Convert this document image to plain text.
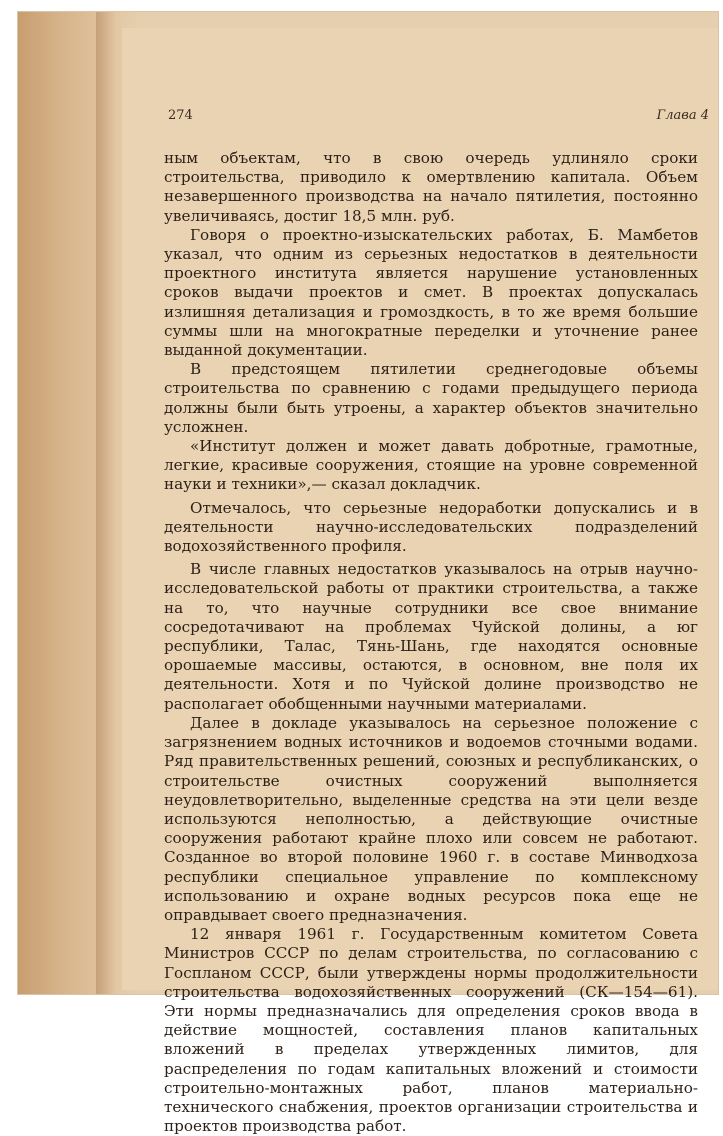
274	Глава 4

ным объектам, что в свою очередь удлиняло сроки строительства, приводило к омертвлению капитала. Объем незавершенного производства на начало пятилетия, постоянно увеличиваясь, достиг 18,5 млн. руб.

Говоря о проектно-изыскательских работах, Б. Мамбетов указал, что одним из серьезных недостатков в деятельности проектного института является нарушение установленных сроков выдачи проектов и смет. В проектах допускалась излишняя детализация и громоздкость, в то же время большие суммы шли на многократные переделки и уточнение ранее выданной документации.

В предстоящем пятилетии среднегодовые объемы строительства по сравнению с годами предыдущего периода должны были быть утроены, а характер объектов значительно усложнен.

«Институт должен и может давать добротные, грамотные, легкие, красивые сооружения, стоящие на уровне современной науки и техники»,— сказал докладчик.

Отмечалось, что серьезные недоработки допускались и в деятельности научно-исследовательских подразделений водохозяйственного профиля.

В числе главных недостатков указывалось на отрыв научно-исследовательской работы от практики строительства, а также на то, что научные сотрудники все свое внимание сосредотачивают на проблемах Чуйской долины, а юг республики, Талас, Тянь-Шань, где находятся основные орошаемые массивы, остаются, в основном, вне поля их деятельности. Хотя и по Чуйской долине производство не располагает обобщенными научными материалами.

Далее в докладе указывалось на серьезное положение с загрязнением водных источников и водоемов сточными водами. Ряд правительственных решений, союзных и республиканских, о строительстве очистных сооружений выполняется неудовлетворительно, выделенные средства на эти цели везде используются неполностью, а действующие очистные сооружения работают крайне плохо или совсем не работают. Созданное во второй половине 1960 г. в составе Минводхоза республики специальное управление по комплексному использованию и охране водных ресурсов пока еще не оправдывает своего предназначения.

12 января 1961 г. Государственным комитетом Совета Министров СССР по делам строительства, по согласованию с Госпланом СССР, были утверждены нормы продолжительности строительства водохозяйственных сооружений (СК—154—61). Эти нормы предназначались для определения сроков ввода в действие мощностей, составления планов капитальных вложений в пределах утвержденных лимитов, для распределения по годам капитальных вложений и стоимости строительно-монтажных работ, планов материально-технического снабжения, проектов организации строительства и проектов производства работ.
